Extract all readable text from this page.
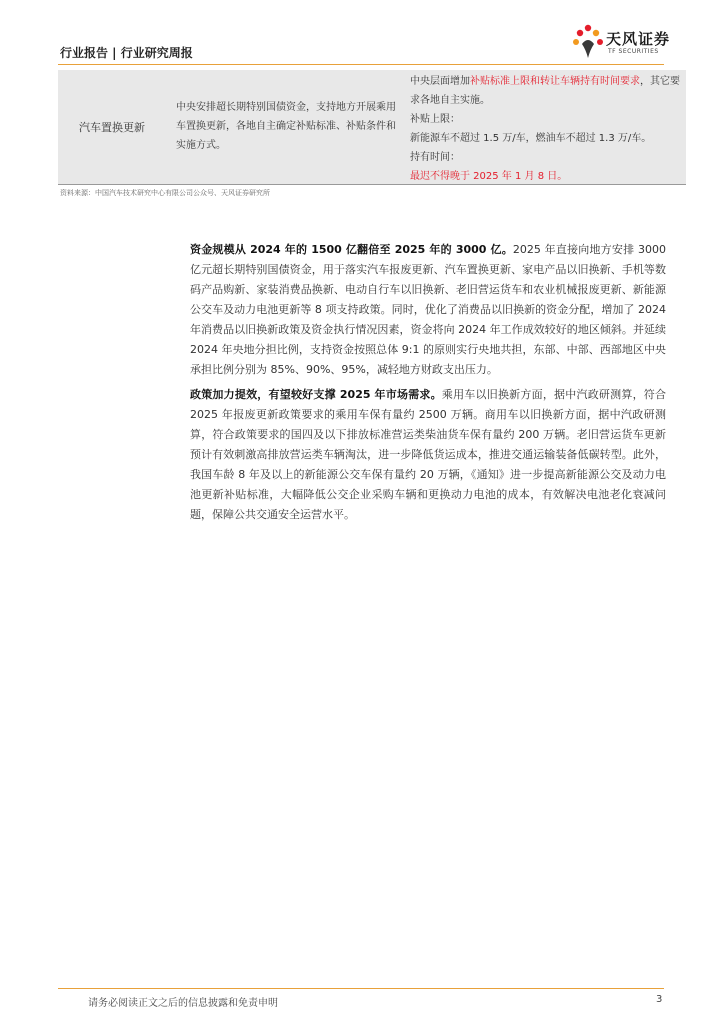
行业报告 | 行业研究周报
天风证券
TF SECURITIES
汽车置换更新
中央安排超长期特别国债资金，支持地方开展乘用车置换更新，各地自主确定补贴标准、补贴条件和实施方式。
中央层面增加补贴标准上限和转让车辆持有时间要求，其它要求各地自主实施。
补贴上限：
新能源车不超过 1.5 万/车，燃油车不超过 1.3 万/车。
持有时间：
最迟不得晚于 2025 年 1 月 8 日。
资料来源：中国汽车技术研究中心有限公司公众号、天风证券研究所
资金规模从 2024 年的 1500 亿翻倍至 2025 年的 3000 亿。2025 年直接向地方安排 3000 亿元超长期特别国债资金，用于落实汽车报废更新、汽车置换更新、家电产品以旧换新、手机等数码产品购新、家装消费品换新、电动自行车以旧换新、老旧营运货车和农业机械报废更新、新能源公交车及动力电池更新等 8 项支持政策。同时，优化了消费品以旧换新的资金分配，增加了 2024 年消费品以旧换新政策及资金执行情况因素，资金将向 2024 年工作成效较好的地区倾斜。并延续 2024 年央地分担比例，支持资金按照总体 9:1 的原则实行央地共担，东部、中部、西部地区中央承担比例分别为 85%、90%、95%，减轻地方财政支出压力。
政策加力提效，有望较好支撑 2025 年市场需求。乘用车以旧换新方面，据中汽政研测算，符合 2025 年报废更新政策要求的乘用车保有量约 2500 万辆。商用车以旧换新方面，据中汽政研测算，符合政策要求的国四及以下排放标准营运类柴油货车保有量约 200 万辆。老旧营运货车更新预计有效刺激高排放营运类车辆淘汰，进一步降低货运成本，推进交通运输装备低碳转型。此外，我国车龄 8 年及以上的新能源公交车保有量约 20 万辆，《通知》进一步提高新能源公交及动力电池更新补贴标准，大幅降低公交企业采购车辆和更换动力电池的成本，有效解决电池老化衰减问题，保障公共交通安全运营水平。
请务必阅读正文之后的信息披露和免责申明	3
